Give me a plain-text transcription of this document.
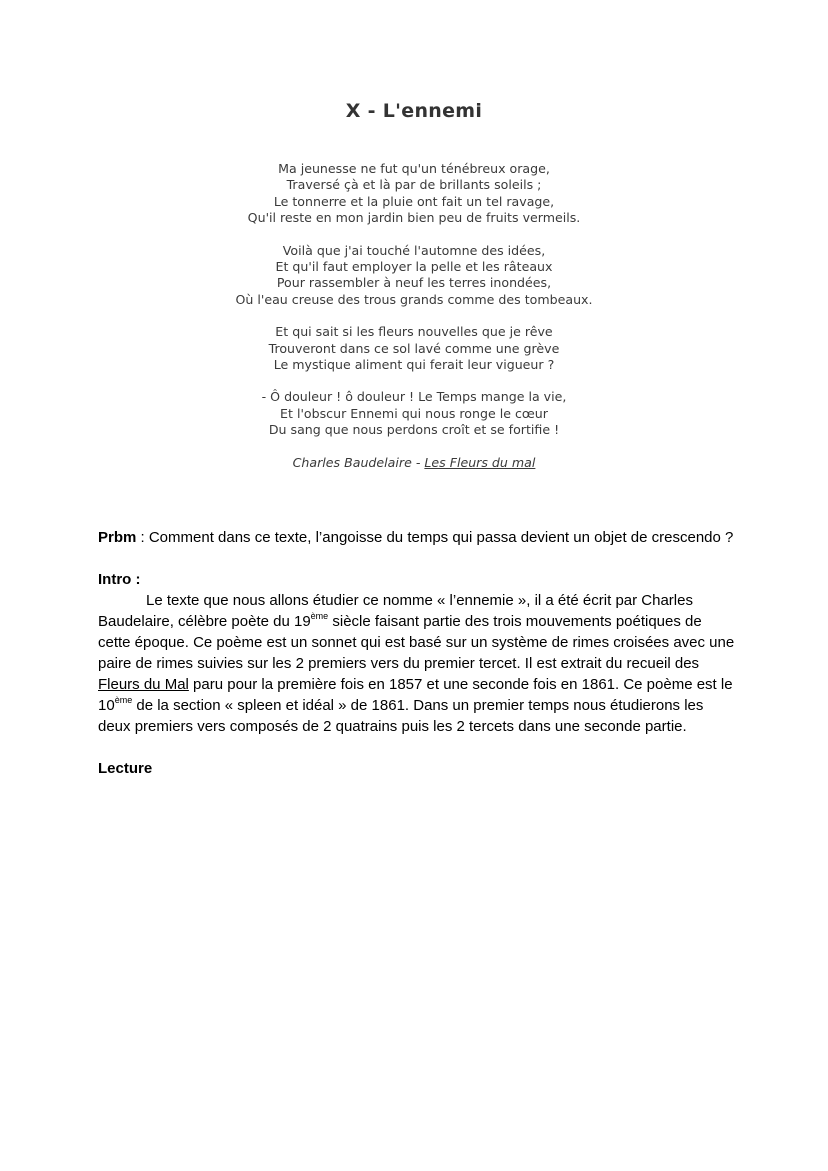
X - L'ennemi
Ma jeunesse ne fut qu'un ténébreux orage,
Traversé çà et là par de brillants soleils ;
Le tonnerre et la pluie ont fait un tel ravage,
Qu'il reste en mon jardin bien peu de fruits vermeils.
Voilà que j'ai touché l'automne des idées,
Et qu'il faut employer la pelle et les râteaux
Pour rassembler à neuf les terres inondées,
Où l'eau creuse des trous grands comme des tombeaux.
Et qui sait si les fleurs nouvelles que je rêve
Trouveront dans ce sol lavé comme une grève
Le mystique aliment qui ferait leur vigueur ?
- Ô douleur ! ô douleur ! Le Temps mange la vie,
Et l'obscur Ennemi qui nous ronge le cœur
Du sang que nous perdons croît et se fortifie !
Charles Baudelaire - Les Fleurs du mal

Prbm : Comment dans ce texte, l’angoisse du temps qui passa devient un objet de crescendo ?

Intro :

Le texte que nous allons étudier ce nomme « l’ennemie », il a été écrit par Charles Baudelaire, célèbre poète du 19ème siècle faisant partie des trois mouvements poétiques de cette époque. Ce poème est un sonnet qui est basé sur un système de rimes croisées avec une paire de rimes suivies sur les 2 premiers vers du premier tercet. Il est extrait du recueil des Fleurs du Mal paru pour la première fois en 1857 et une seconde fois en 1861. Ce poème est le 10ème de la section « spleen et idéal » de 1861. Dans un premier temps nous étudierons les deux premiers vers composés de 2 quatrains puis les 2 tercets dans une seconde partie.

Lecture
